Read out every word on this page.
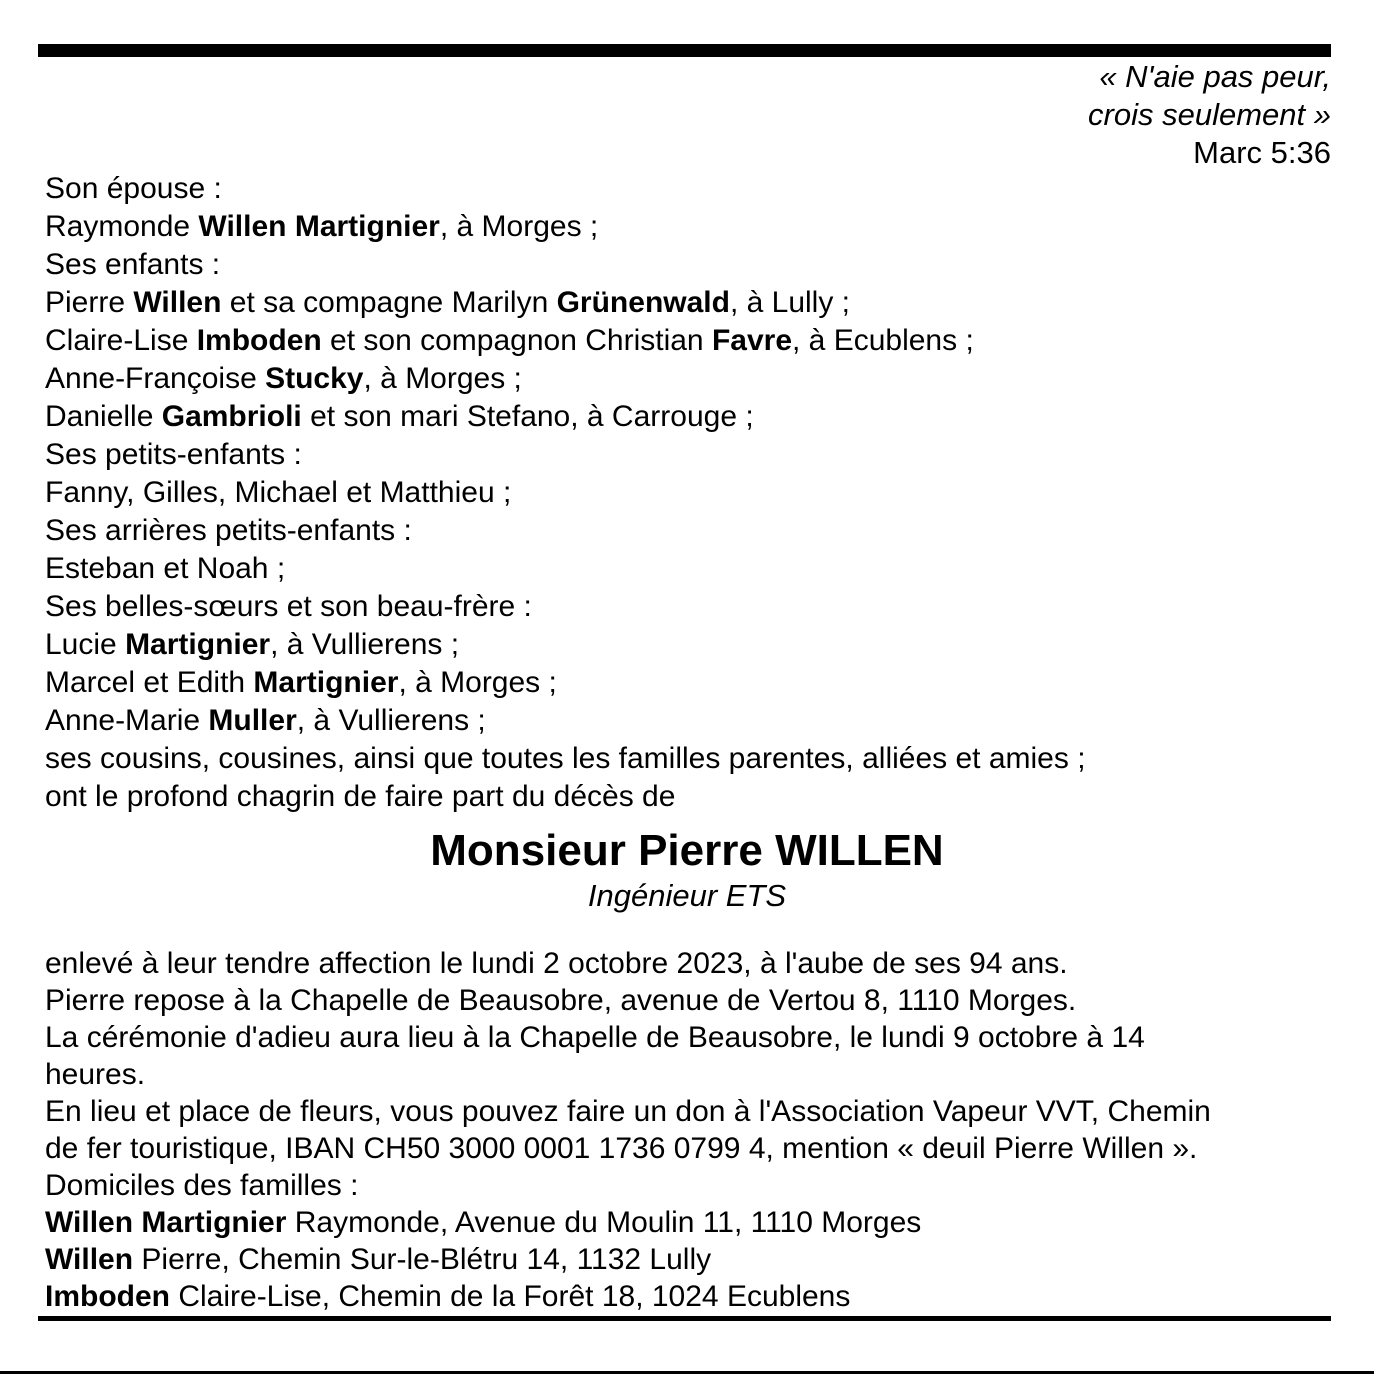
« N'aie pas peur,
crois seulement »
Marc 5:36
Son épouse :
Raymonde Willen Martignier, à Morges ;
Ses enfants :
Pierre Willen et sa compagne Marilyn Grünenwald, à Lully ;
Claire-Lise Imboden et son compagnon Christian Favre, à Ecublens ;
Anne-Françoise Stucky, à Morges ;
Danielle Gambrioli et son mari Stefano, à Carrouge ;
Ses petits-enfants :
Fanny, Gilles, Michael et Matthieu ;
Ses arrières petits-enfants :
Esteban et Noah ;
Ses belles-sœurs et son beau-frère :
Lucie Martignier, à Vullierens ;
Marcel et Edith Martignier, à Morges ;
Anne-Marie Muller, à Vullierens ;
ses cousins, cousines, ainsi que toutes les familles parentes, alliées et amies ;
ont le profond chagrin de faire part du décès de
Monsieur Pierre WILLEN
Ingénieur ETS
enlevé à leur tendre affection le lundi 2 octobre 2023, à l'aube de ses 94 ans.
Pierre repose à la Chapelle de Beausobre, avenue de Vertou 8, 1110 Morges.
La cérémonie d'adieu aura lieu à la Chapelle de Beausobre, le lundi 9 octobre à 14
heures.
En lieu et place de fleurs, vous pouvez faire un don à l'Association Vapeur VVT, Chemin
de fer touristique, IBAN CH50 3000 0001 1736 0799 4, mention « deuil Pierre Willen ».
Domiciles des familles :
Willen Martignier Raymonde, Avenue du Moulin 11, 1110 Morges
Willen Pierre, Chemin Sur-le-Blétru 14, 1132 Lully
Imboden Claire-Lise, Chemin de la Forêt 18, 1024 Ecublens
